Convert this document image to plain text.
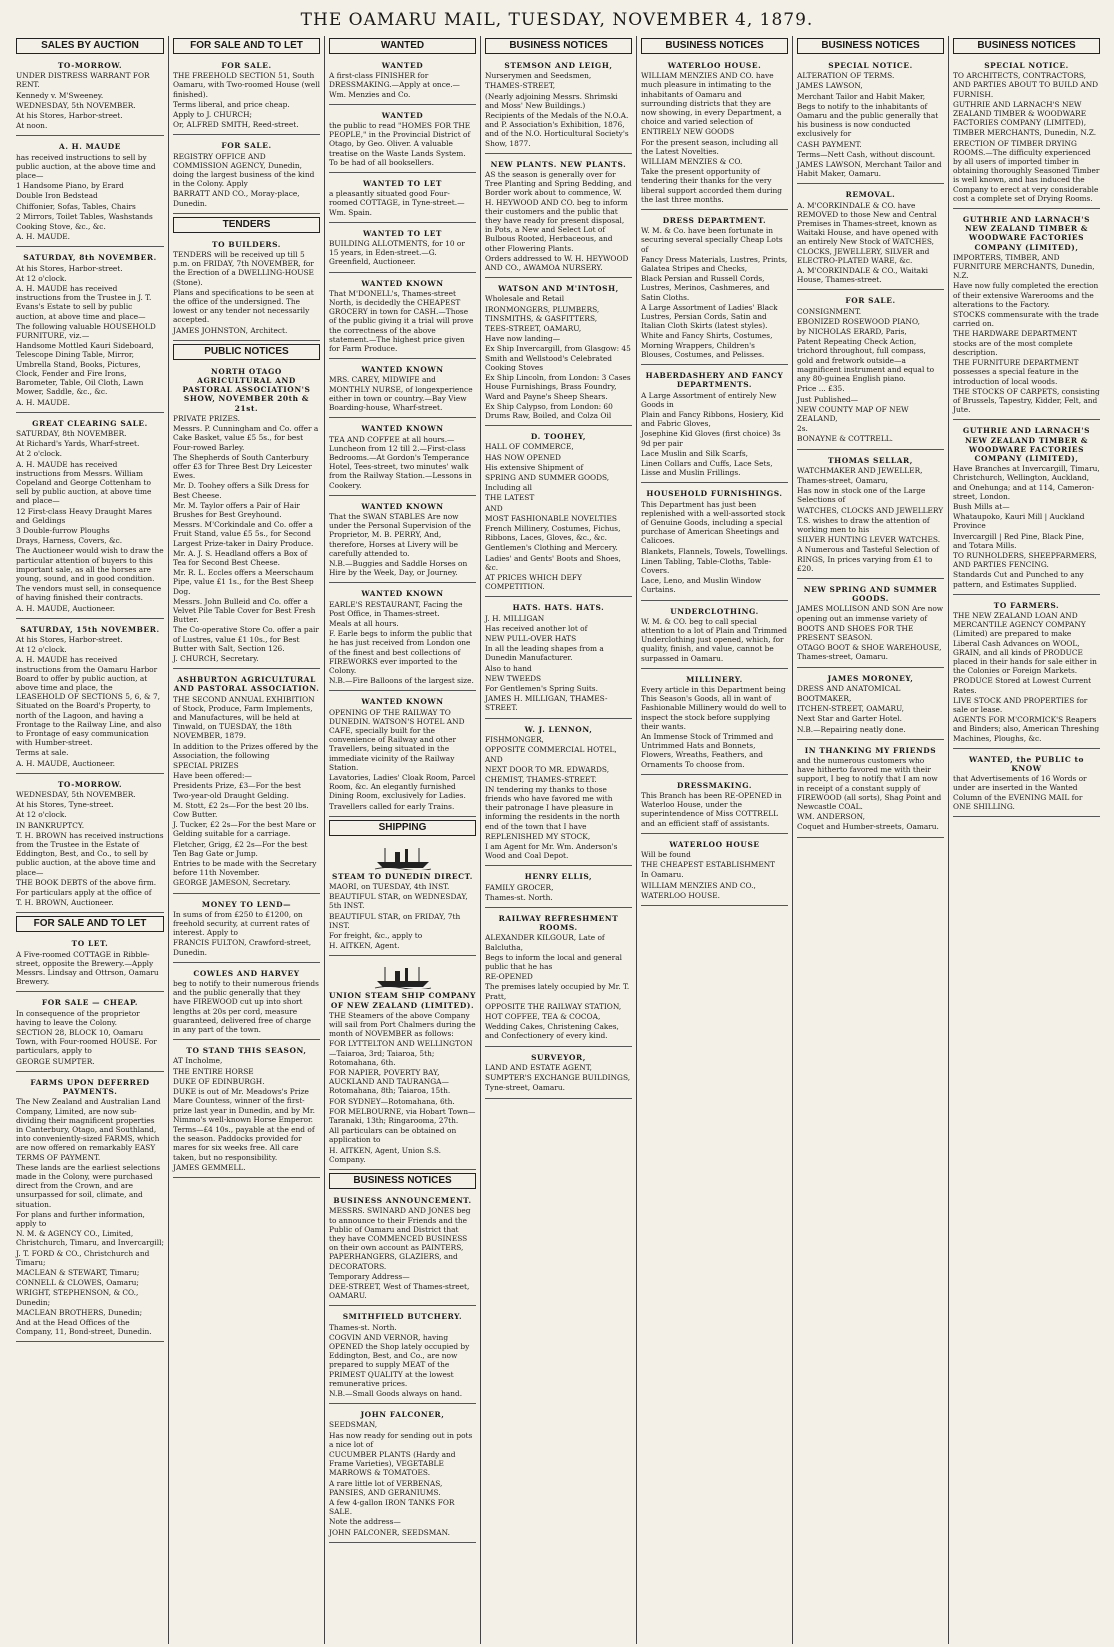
THE OAMARU MAIL, TUESDAY, NOVEMBER 4, 1879.
SALES BY AUCTION

TO-MORROW.

UNDER DISTRESS WARRANT FOR RENT.

Kennedy v. M'Sweeney.

WEDNESDAY, 5th NOVEMBER.

At his Stores, Harbor-street.

At noon.

A. H. MAUDE

has received instructions to sell by public auction, at the above time and place—

1 Handsome Piano, by Erard

Double Iron Bedstead

Chiffonier, Sofas, Tables, Chairs

2 Mirrors, Toilet Tables, Washstands

Cooking Stove, &c., &c.

A. H. MAUDE.

SATURDAY, 8th NOVEMBER.

At his Stores, Harbor-street.

At 12 o'clock.

A. H. MAUDE has received instructions from the Trustee in J. T. Evans's Estate to sell by public auction, at above time and place—

The following valuable HOUSEHOLD FURNITURE, viz.—

Handsome Mottled Kauri Sideboard, Telescope Dining Table, Mirror, Umbrella Stand, Books, Pictures, Clock, Fender and Fire Irons, Barometer, Table, Oil Cloth, Lawn Mower, Saddle, &c., &c.

A. H. MAUDE.

GREAT CLEARING SALE.

SATURDAY, 8th NOVEMBER.

At Richard's Yards, Wharf-street.

At 2 o'clock.

A. H. MAUDE has received instructions from Messrs. William Copeland and George Cottenham to sell by public auction, at above time and place—

12 First-class Heavy Draught Mares and Geldings

3 Double-furrow Ploughs

Drays, Harness, Covers, &c.

The Auctioneer would wish to draw the particular attention of buyers to this important sale, as all the horses are young, sound, and in good condition.

The vendors must sell, in consequence of having finished their contracts.

A. H. MAUDE, Auctioneer.

SATURDAY, 15th NOVEMBER.

At his Stores, Harbor-street.

At 12 o'clock.

A. H. MAUDE has received instructions from the Oamaru Harbor Board to offer by public auction, at above time and place, the LEASEHOLD OF SECTIONS 5, 6, & 7, Situated on the Board's Property, to north of the Lagoon, and having a Frontage to the Railway Line, and also to Frontage of easy communication with Humber-street.

Terms at sale.

A. H. MAUDE, Auctioneer.

TO-MORROW.

WEDNESDAY, 5th NOVEMBER.

At his Stores, Tyne-street.

At 12 o'clock.

IN BANKRUPTCY.

T. H. BROWN has received instructions from the Trustee in the Estate of Eddington, Best, and Co., to sell by public auction, at the above time and place—

THE BOOK DEBTS of the above firm.

For particulars apply at the office of

T. H. BROWN, Auctioneer.

FOR SALE AND TO LET

TO LET.

A Five-roomed COTTAGE in Ribble-street, opposite the Brewery.—Apply Messrs. Lindsay and Ottrson, Oamaru Brewery.

FOR SALE — CHEAP.

In consequence of the proprietor having to leave the Colony.

SECTION 28, BLOCK 10, Oamaru Town, with Four-roomed HOUSE. For particulars, apply to

GEORGE SUMPTER.

FARMS UPON DEFERRED PAYMENTS.

The New Zealand and Australian Land Company, Limited, are now sub-dividing their magnificent properties in Canterbury, Otago, and Southland, into conveniently-sized FARMS, which are now offered on remarkably EASY TERMS OF PAYMENT.

These lands are the earliest selections made in the Colony, were purchased direct from the Crown, and are unsurpassed for soil, climate, and situation.

For plans and further information, apply to

N. M. & AGENCY CO., Limited, Christchurch, Timaru, and Invercargill;

J. T. FORD & CO., Christchurch and Timaru;

MACLEAN & STEWART, Timaru;

CONNELL & CLOWES, Oamaru;

WRIGHT, STEPHENSON, & CO., Dunedin;

MACLEAN BROTHERS, Dunedin;

And at the Head Offices of the Company, 11, Bond-street, Dunedin.

FOR SALE AND TO LET

FOR SALE.

THE FREEHOLD SECTION 51, South Oamaru, with Two-roomed House (well finished).

Terms liberal, and price cheap.

Apply to J. CHURCH;

Or, ALFRED SMITH, Reed-street.

FOR SALE.

REGISTRY OFFICE AND COMMISSION AGENCY, Dunedin, doing the largest business of the kind in the Colony. Apply

BARRATT AND CO., Moray-place, Dunedin.

TENDERS

TO BUILDERS.

TENDERS will be received up till 5 p.m. on FRIDAY, 7th NOVEMBER, for the Erection of a DWELLING-HOUSE (Stone).

Plans and specifications to be seen at the office of the undersigned. The lowest or any tender not necessarily accepted.

JAMES JOHNSTON, Architect.

PUBLIC NOTICES

NORTH OTAGO AGRICULTURAL AND PASTORAL ASSOCIATION'S SHOW, NOVEMBER 20th & 21st.

PRIVATE PRIZES.

Messrs. P. Cunningham and Co. offer a Cake Basket, value £5 5s., for best Four-rowed Barley.

The Shepherds of South Canterbury offer £3 for Three Best Dry Leicester Ewes.

Mr. D. Toohey offers a Silk Dress for Best Cheese.

Mr. M. Taylor offers a Pair of Hair Brushes for Best Greyhound.

Messrs. M'Corkindale and Co. offer a Fruit Stand, value £5 5s., for Second Largest Prize-taker in Dairy Produce.

Mr. A. J. S. Headland offers a Box of Tea for Second Best Cheese.

Mr. R. L. Eccles offers a Meerschaum Pipe, value £1 1s., for the Best Sheep Dog.

Messrs. John Bulleid and Co. offer a Velvet Pile Table Cover for Best Fresh Butter.

The Co-operative Store Co. offer a pair of Lustres, value £1 10s., for Best Butter with Salt, Section 126.

J. CHURCH, Secretary.

ASHBURTON AGRICULTURAL AND PASTORAL ASSOCIATION.

THE SECOND ANNUAL EXHIBITION of Stock, Produce, Farm Implements, and Manufactures, will be held at Tinwald, on TUESDAY, the 18th NOVEMBER, 1879.

In addition to the Prizes offered by the Association, the following

SPECIAL PRIZES

Have been offered:—

Presidents Prize, £3—For the best Two-year-old Draught Gelding.

M. Stott, £2 2s—For the best 20 lbs. Cow Butter.

J. Tucker, £2 2s—For the best Mare or Gelding suitable for a carriage.

Fletcher, Grigg, £2 2s—For the best Ten Bag Gate or Jump.

Entries to be made with the Secretary before 11th November.

GEORGE JAMESON, Secretary.

MONEY TO LEND—

In sums of from £250 to £1200, on freehold security, at current rates of interest. Apply to

FRANCIS FULTON, Crawford-street, Dunedin.

COWLES AND HARVEY

beg to notify to their numerous friends and the public generally that they have FIREWOOD cut up into short lengths at 20s per cord, measure guaranteed, delivered free of charge in any part of the town.

TO STAND THIS SEASON,

AT Incholme,

THE ENTIRE HORSE

DUKE OF EDINBURGH.

DUKE is out of Mr. Meadows's Prize Mare Countess, winner of the first-prize last year in Dunedin, and by Mr. Nimmo's well-known Horse Emperor.

Terms—£4 10s., payable at the end of the season. Paddocks provided for mares for six weeks free. All care taken, but no responsibility.

JAMES GEMMELL.

WANTED

WANTED

A first-class FINISHER for DRESSMAKING.—Apply at once.—Wm. Menzies and Co.

WANTED

the public to read "HOMES FOR THE PEOPLE," in the Provincial District of Otago, by Geo. Oliver. A valuable treatise on the Waste Lands System. To be had of all booksellers.

WANTED TO LET

a pleasantly situated good Four-roomed COTTAGE, in Tyne-street.—Wm. Spain.

WANTED TO LET

BUILDING ALLOTMENTS, for 10 or 15 years, in Eden-street.—G. Greenfield, Auctioneer.

WANTED KNOWN

That M'DONELL's, Thames-street North, is decidedly the CHEAPEST GROCERY in town for CASH.—Those of the public giving it a trial will prove the correctness of the above statement.—The highest price given for Farm Produce.

WANTED KNOWN

MRS. CAREY, MIDWIFE and MONTHLY NURSE, of longexperience either in town or country.—Bay View Boarding-house, Wharf-street.

WANTED KNOWN

TEA AND COFFEE at all hours.—Luncheon from 12 till 2.—First-class Bedrooms.—At Gordon's Temperance Hotel, Tees-street, two minutes' walk from the Railway Station.—Lessons in Cookery.

WANTED KNOWN

That the SWAN STABLES Are now under the Personal Supervision of the Proprietor, M. B. PERRY, And, therefore, Horses at Livery will be carefully attended to.

N.B.—Buggies and Saddle Horses on Hire by the Week, Day, or Journey.

WANTED KNOWN

EARLE'S RESTAURANT, Facing the Post Office, in Thames-street.

Meals at all hours.

F. Earle begs to inform the public that he has just received from London one of the finest and best collections of FIREWORKS ever imported to the Colony.

N.B.—Fire Balloons of the largest size.

WANTED KNOWN

OPENING OF THE RAILWAY TO DUNEDIN. WATSON'S HOTEL AND CAFE, specially built for the convenience of Railway and other Travellers, being situated in the immediate vicinity of the Railway Station.

Lavatories, Ladies' Cloak Room, Parcel Room, &c. An elegantly furnished Dining Room, exclusively for Ladies.

Travellers called for early Trains.

SHIPPING

STEAM TO DUNEDIN DIRECT.

MAORI, on TUESDAY, 4th INST.

BEAUTIFUL STAR, on WEDNESDAY, 5th INST.

BEAUTIFUL STAR, on FRIDAY, 7th INST.

For freight, &c., apply to

H. AITKEN, Agent.

UNION STEAM SHIP COMPANY OF NEW ZEALAND (LIMITED).

THE Steamers of the above Company will sail from Port Chalmers during the month of NOVEMBER as follows:

FOR LYTTELTON AND WELLINGTON—Taiaroa, 3rd; Taiaroa, 5th; Rotomahana, 6th.

FOR NAPIER, POVERTY BAY, AUCKLAND AND TAURANGA—Rotomahana, 8th; Taiaroa, 15th.

FOR SYDNEY—Rotomahana, 6th.

FOR MELBOURNE, via Hobart Town—Taranaki, 13th; Ringarooma, 27th.

All particulars can be obtained on application to

H. AITKEN, Agent, Union S.S. Company.

BUSINESS NOTICES

BUSINESS ANNOUNCEMENT.

MESSRS. SWINARD AND JONES beg to announce to their Friends and the Public of Oamaru and District that they have COMMENCED BUSINESS on their own account as PAINTERS, PAPERHANGERS, GLAZIERS, and DECORATORS.

Temporary Address—

DEE-STREET, West of Thames-street, OAMARU.

SMITHFIELD BUTCHERY.

Thames-st. North.

COGVIN AND VERNOR, having OPENED the Shop lately occupied by Eddington, Best, and Co., are now prepared to supply MEAT of the PRIMEST QUALITY at the lowest remunerative prices.

N.B.—Small Goods always on hand.

JOHN FALCONER,

SEEDSMAN,

Has now ready for sending out in pots a nice lot of

CUCUMBER PLANTS (Hardy and Frame Varieties), VEGETABLE MARROWS & TOMATOES.

A rare little lot of VERBENAS, PANSIES, AND GERANIUMS.

A few 4-gallon IRON TANKS FOR SALE.

Note the address—

JOHN FALCONER, SEEDSMAN.

BUSINESS NOTICES

STEMSON AND LEIGH,

Nurserymen and Seedsmen,

THAMES-STREET,

(Nearly adjoining Messrs. Shrimski and Moss' New Buildings.)

Recipients of the Medals of the N.O.A. and P. Association's Exhibition, 1876, and of the N.O. Horticultural Society's Show, 1877.

NEW PLANTS. NEW PLANTS.

AS the season is generally over for Tree Planting and Spring Bedding, and Border work about to commence, W. H. HEYWOOD AND CO. beg to inform their customers and the public that they have ready for present disposal, in Pots, a New and Select Lot of Bulbous Rooted, Herbaceous, and other Flowering Plants.

Orders addressed to W. H. HEYWOOD AND CO., AWAMOA NURSERY.

WATSON AND M'INTOSH,

Wholesale and Retail

IRONMONGERS, PLUMBERS, TINSMITHS, & GASFITTERS,

TEES-STREET, OAMARU,

Have now landing—

Ex Ship Invercargill, from Glasgow: 45 Smith and Wellstood's Celebrated Cooking Stoves

Ex Ship Lincoln, from London: 3 Cases House Furnishings, Brass Foundry, Ward and Payne's Sheep Shears.

Ex Ship Calypso, from London: 60 Drums Raw, Boiled, and Colza Oil

D. TOOHEY,

HALL OF COMMERCE,

HAS NOW OPENED

His extensive Shipment of

SPRING AND SUMMER GOODS,

Including all

THE LATEST

AND

MOST FASHIONABLE NOVELTIES

French Millinery, Costumes, Fichus, Ribbons, Laces, Gloves, &c., &c.

Gentlemen's Clothing and Mercery.

Ladies' and Gents' Boots and Shoes, &c.

AT PRICES WHICH DEFY COMPETITION.

HATS. HATS. HATS.

J. H. MILLIGAN

Has received another lot of

NEW PULL-OVER HATS

In all the leading shapes from a Dunedin Manufacturer.

Also to hand

NEW TWEEDS

For Gentlemen's Spring Suits.

JAMES H. MILLIGAN, THAMES-STREET.

W. J. LENNON,

FISHMONGER,

OPPOSITE COMMERCIAL HOTEL,

AND

NEXT DOOR TO MR. EDWARDS, CHEMIST, THAMES-STREET.

IN tendering my thanks to those friends who have favored me with their patronage I have pleasure in informing the residents in the north end of the town that I have

REPLENISHED MY STOCK,

I am Agent for Mr. Wm. Anderson's Wood and Coal Depot.

HENRY ELLIS,

FAMILY GROCER,

Thames-st. North.

RAILWAY REFRESHMENT ROOMS.

ALEXANDER KILGOUR, Late of Balclutha,

Begs to inform the local and general public that he has

RE-OPENED

The premises lately occupied by Mr. T. Pratt,

OPPOSITE THE RAILWAY STATION,

HOT COFFEE, TEA & COCOA,

Wedding Cakes, Christening Cakes, and Confectionery of every kind.

SURVEYOR,

LAND AND ESTATE AGENT,

SUMPTER'S EXCHANGE BUILDINGS,

Tyne-street, Oamaru.

BUSINESS NOTICES

WATERLOO HOUSE.

WILLIAM MENZIES AND CO. have much pleasure in intimating to the inhabitants of Oamaru and surrounding districts that they are now showing, in every Department, a choice and varied selection of

ENTIRELY NEW GOODS

For the present season, including all the Latest Novelties.

WILLIAM MENZIES & CO.

Take the present opportunity of tendering their thanks for the very liberal support accorded them during the last three months.

DRESS DEPARTMENT.

W. M. & Co. have been fortunate in securing several specially Cheap Lots of

Fancy Dress Materials, Lustres, Prints, Galatea Stripes and Checks,

Black Persian and Russell Cords, Lustres, Merinos, Cashmeres, and Satin Cloths.

A Large Assortment of Ladies' Black Lustres, Persian Cords, Satin and Italian Cloth Skirts (latest styles).

White and Fancy Shirts, Costumes, Morning Wrappers, Children's Blouses, Costumes, and Pelisses.

HABERDASHERY AND FANCY DEPARTMENTS.

A Large Assortment of entirely New Goods in

Plain and Fancy Ribbons, Hosiery, Kid and Fabric Gloves,

Josephine Kid Gloves (first choice) 3s 9d per pair

Lace Muslin and Silk Scarfs,

Linen Collars and Cuffs, Lace Sets, Lisse and Muslin Frillings.

HOUSEHOLD FURNISHINGS.

This Department has just been replenished with a well-assorted stock of Genuine Goods, including a special purchase of American Sheetings and Calicoes.

Blankets, Flannels, Towels, Towellings.

Linen Tabling, Table-Cloths, Table-Covers.

Lace, Leno, and Muslin Window Curtains.

UNDERCLOTHING.

W. M. & CO. beg to call special attention to a lot of Plain and Trimmed Underclothing just opened, which, for quality, finish, and value, cannot be surpassed in Oamaru.

MILLINERY.

Every article in this Department being This Season's Goods, all in want of Fashionable Millinery would do well to inspect the stock before supplying their wants.

An Immense Stock of Trimmed and Untrimmed Hats and Bonnets, Flowers, Wreaths, Feathers, and Ornaments To choose from.

DRESSMAKING.

This Branch has been RE-OPENED in Waterloo House, under the superintendence of Miss COTTRELL and an efficient staff of assistants.

WATERLOO HOUSE

Will be found

THE CHEAPEST ESTABLISHMENT

In Oamaru.

WILLIAM MENZIES AND CO.,

WATERLOO HOUSE.

BUSINESS NOTICES

SPECIAL NOTICE.

ALTERATION OF TERMS.

JAMES LAWSON,

Merchant Tailor and Habit Maker,

Begs to notify to the inhabitants of Oamaru and the public generally that his business is now conducted exclusively for

CASH PAYMENT.

Terms—Nett Cash, without discount.

JAMES LAWSON, Merchant Tailor and Habit Maker, Oamaru.

REMOVAL.

A. M'CORKINDALE & CO. have REMOVED to those New and Central Premises in Thames-street, known as Waitaki House, and have opened with an entirely New Stock of WATCHES, CLOCKS, JEWELLERY, SILVER and ELECTRO-PLATED WARE, &c.

A. M'CORKINDALE & CO., Waitaki House, Thames-street.

FOR SALE.

CONSIGNMENT.

EBONIZED ROSEWOOD PIANO,

by NICHOLAS ERARD, Paris,

Patent Repeating Check Action, trichord throughout, full compass, gold and fretwork outside—a magnificent instrument and equal to any 80-guinea English piano.

Price ... £35.

Just Published—

NEW COUNTY MAP OF NEW ZEALAND,

2s.

BONAYNE & COTTRELL.

THOMAS SELLAR,

WATCHMAKER AND JEWELLER,

Thames-street, Oamaru,

Has now in stock one of the Large Selections of

WATCHES, CLOCKS AND JEWELLERY

T.S. wishes to draw the attention of working men to his

SILVER HUNTING LEVER WATCHES.

A Numerous and Tasteful Selection of RINGS, In prices varying from £1 to £20.

NEW SPRING AND SUMMER GOODS.

JAMES MOLLISON AND SON Are now opening out an immense variety of

BOOTS AND SHOES FOR THE PRESENT SEASON.

OTAGO BOOT & SHOE WAREHOUSE, Thames-street, Oamaru.

JAMES MORONEY,

DRESS AND ANATOMICAL

BOOTMAKER,

ITCHEN-STREET, OAMARU,

Next Star and Garter Hotel.

N.B.—Repairing neatly done.

IN THANKING MY FRIENDS

and the numerous customers who have hitherto favored me with their support, I beg to notify that I am now in receipt of a constant supply of FIREWOOD (all sorts), Shag Point and Newcastle COAL.

WM. ANDERSON,

Coquet and Humber-streets, Oamaru.

BUSINESS NOTICES

SPECIAL NOTICE.

TO ARCHITECTS, CONTRACTORS, AND PARTIES ABOUT TO BUILD AND FURNISH.

GUTHRIE AND LARNACH'S NEW ZEALAND TIMBER & WOODWARE FACTORIES COMPANY (LIMITED),

TIMBER MERCHANTS, Dunedin, N.Z.

ERECTION OF TIMBER DRYING ROOMS.—The difficulty experienced by all users of imported timber in obtaining thoroughly Seasoned Timber is well known, and has induced the Company to erect at very considerable cost a complete set of Drying Rooms.

GUTHRIE AND LARNACH'S NEW ZEALAND TIMBER & WOODWARE FACTORIES COMPANY (LIMITED),

IMPORTERS, TIMBER, AND FURNITURE MERCHANTS, Dunedin, N.Z.

Have now fully completed the erection of their extensive Warerooms and the alterations to the Factory.

STOCKS commensurate with the trade carried on.

THE HARDWARE DEPARTMENT stocks are of the most complete description.

THE FURNITURE DEPARTMENT possesses a special feature in the introduction of local woods.

THE STOCKS OF CARPETS, consisting of Brussels, Tapestry, Kidder, Felt, and Jute.

GUTHRIE AND LARNACH'S NEW ZEALAND TIMBER & WOODWARE FACTORIES COMPANY (LIMITED),

Have Branches at Invercargill, Timaru, Christchurch, Wellington, Auckland, and Onehunga; and at 114, Cameron-street, London.

Bush Mills at—

Whataupoko, Kauri Mill | Auckland Province

Invercargill | Red Pine, Black Pine, and Totara Mills.

TO RUNHOLDERS, SHEEPFARMERS, AND PARTIES FENCING.

Standards Cut and Punched to any pattern, and Estimates Supplied.

TO FARMERS.

THE NEW ZEALAND LOAN AND MERCANTILE AGENCY COMPANY (Limited) are prepared to make Liberal Cash Advances on WOOL, GRAIN, and all kinds of PRODUCE placed in their hands for sale either in the Colonies or Foreign Markets.

PRODUCE Stored at Lowest Current Rates.

LIVE STOCK AND PROPERTIES for sale or lease.

AGENTS FOR M'CORMICK'S Reapers and Binders; also, American Threshing Machines, Ploughs, &c.

WANTED, the PUBLIC to KNOW

that Advertisements of 16 Words or under are inserted in the Wanted Column of the EVENING MAIL for ONE SHILLING.
